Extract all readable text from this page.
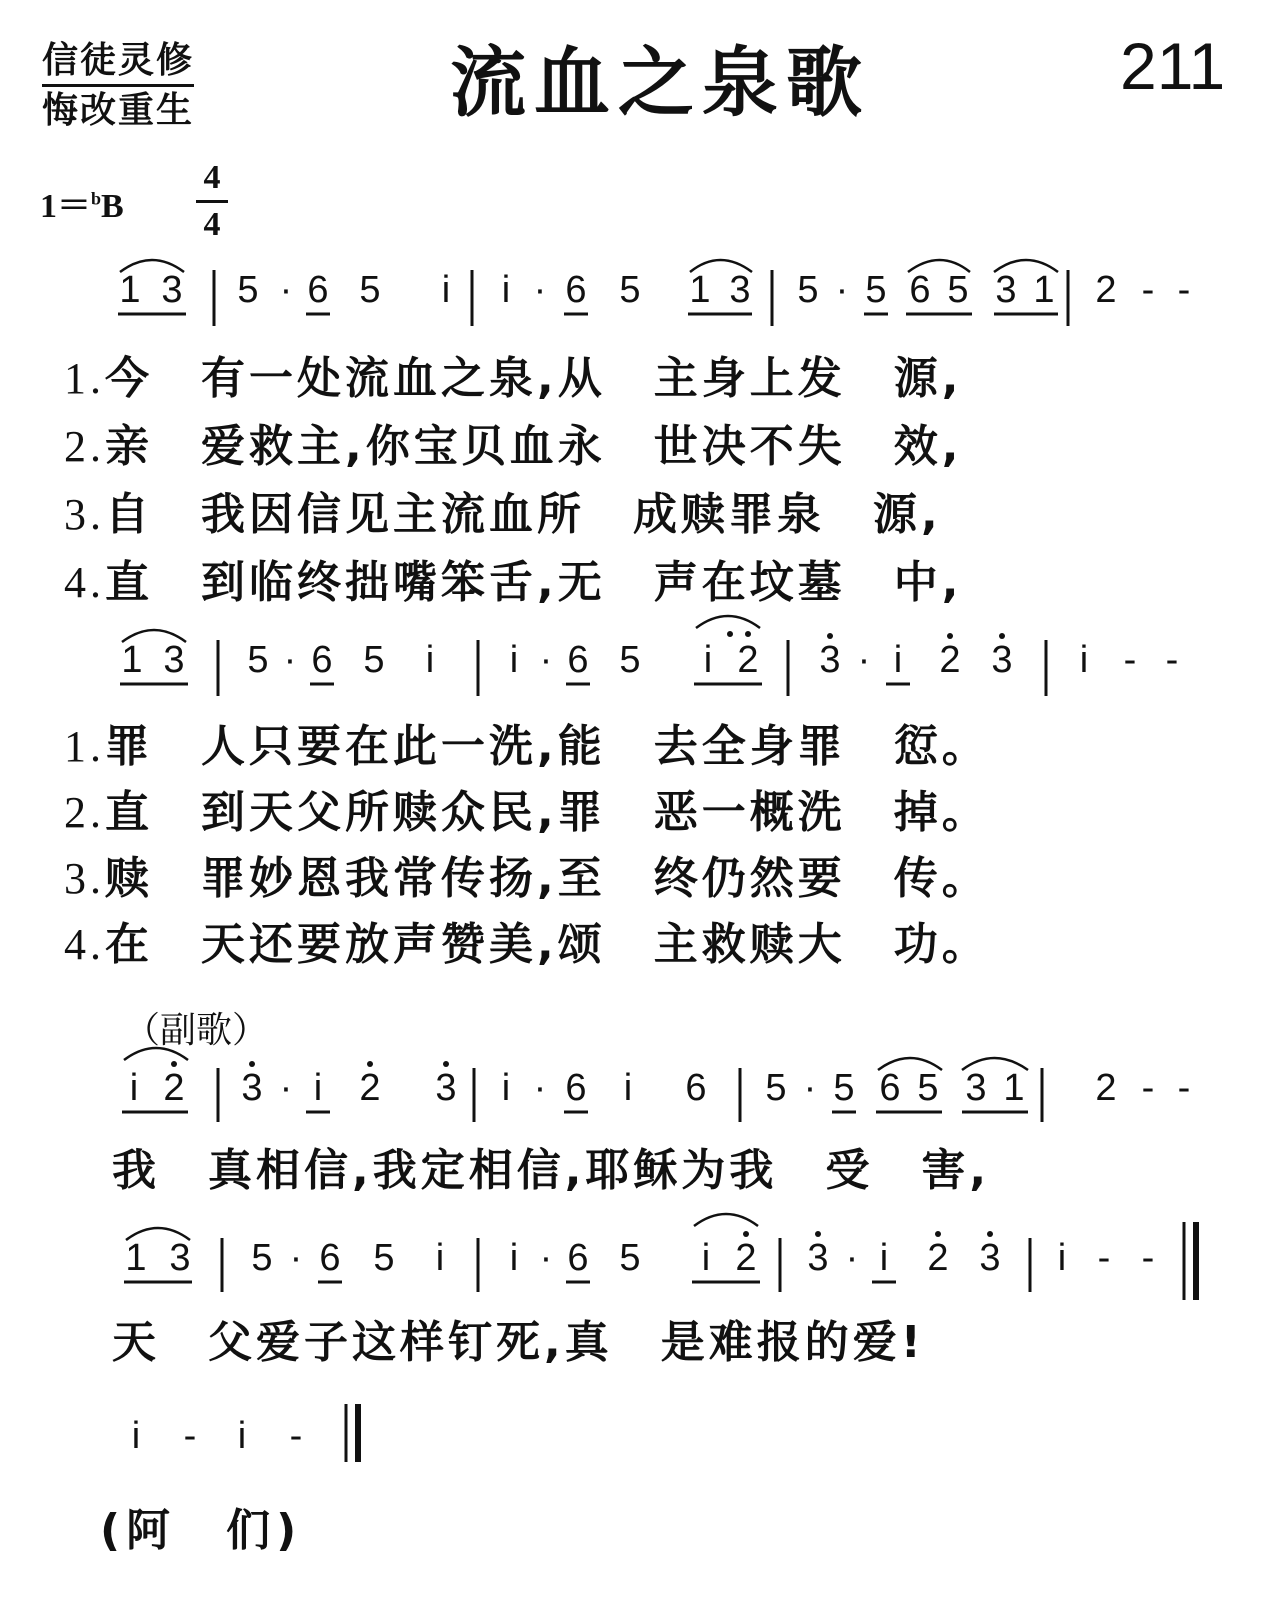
信徒灵修
悔改重生	流血之泉歌	211
1＝$^b$B
4
4
1 3 5 · 6 5 i i · 6 5 1 3 5 · 5 6 5 3 1 2 - -
1.今　有一处流血之泉,从　主身上发　源,
2.亲　爱救主,你宝贝血永　世决不失　效,
3.自　我因信见主流血所　成赎罪泉　源,
4.直　到临终拙嘴笨舌,无　声在坟墓　中,
1 3 5 · 6 5 i i · 6 5 i 2 3 · i 2 3 i - -
1.罪　人只要在此一洗,能　去全身罪　愆。
2.直　到天父所赎众民,罪　恶一概洗　掉。
3.赎　罪妙恩我常传扬,至　终仍然要　传。
4.在　天还要放声赞美,颂　主救赎大　功。
（副歌）
i 2 3 · i 2 3 i · 6 i 6 5 · 5 6 5 3 1 2 - -
我　真相信,我定相信,耶稣为我　受　害,
1 3 5 · 6 5 i i · 6 5 i 2 3 · i 2 3 i - -
天　父爱子这样钉死,真　是难报的爱!
i - i -
(阿　们)
